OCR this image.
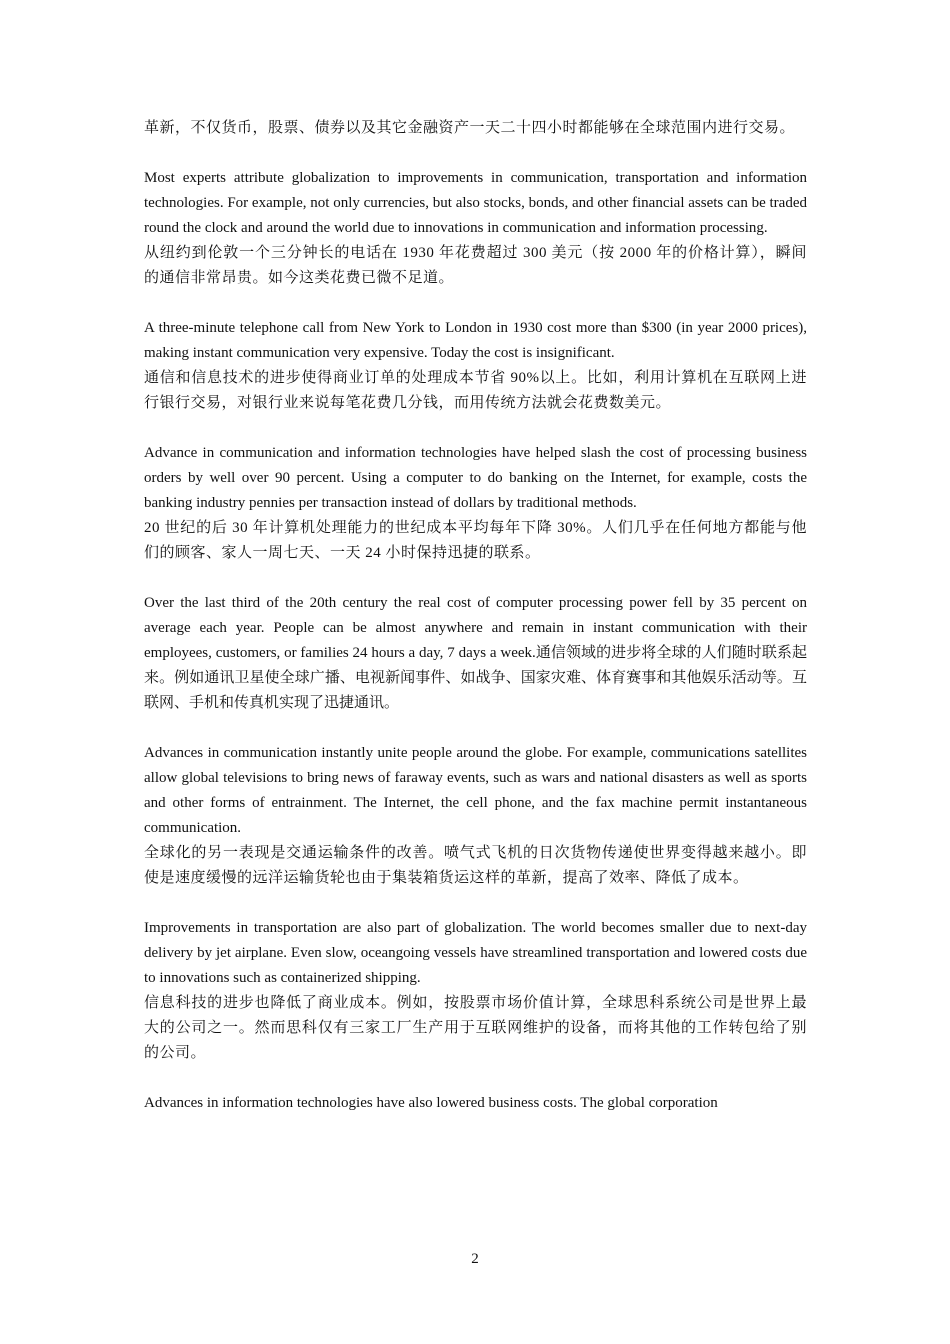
革新，不仅货币，股票、债券以及其它金融资产一天二十四小时都能够在全球范围内进行交易。

Most experts attribute globalization to improvements in communication, transportation and information technologies. For example, not only currencies, but also stocks, bonds, and other financial assets can be traded round the clock and around the world due to innovations in communication and information processing.

从纽约到伦敦一个三分钟长的电话在 1930 年花费超过 300 美元（按 2000 年的价格计算），瞬间的通信非常昂贵。如今这类花费已微不足道。

A three-minute telephone call from New York to London in 1930 cost more than $300 (in year 2000 prices), making instant communication very expensive. Today the cost is insignificant.

通信和信息技术的进步使得商业订单的处理成本节省 90%以上。比如，利用计算机在互联网上进行银行交易，对银行业来说每笔花费几分钱，而用传统方法就会花费数美元。

Advance in communication and information technologies have helped slash the cost of processing business orders by well over 90 percent. Using a computer to do banking on the Internet, for example, costs the banking industry pennies per transaction instead of dollars by traditional methods.

20 世纪的后 30 年计算机处理能力的世纪成本平均每年下降 30%。人们几乎在任何地方都能与他们的顾客、家人一周七天、一天 24 小时保持迅捷的联系。

Over the last third of the 20th century the real cost of computer processing power fell by 35 percent on average each year. People can be almost anywhere and remain in instant communication with their employees, customers, or families 24 hours a day, 7 days a week.通信领域的进步将全球的人们随时联系起来。例如通讯卫星使全球广播、电视新闻事件、如战争、国家灾难、体育赛事和其他娱乐活动等。互联网、手机和传真机实现了迅捷通讯。

Advances in communication instantly unite people around the globe. For example, communications satellites allow global televisions to bring news of faraway events, such as wars and national disasters as well as sports and other forms of entrainment. The Internet, the cell phone, and the fax machine permit instantaneous communication.

全球化的另一表现是交通运输条件的改善。喷气式飞机的日次货物传递使世界变得越来越小。即使是速度缓慢的远洋运输货轮也由于集装箱货运这样的革新，提高了效率、降低了成本。

Improvements in transportation are also part of globalization. The world becomes smaller due to next-day delivery by jet airplane. Even slow, oceangoing vessels have streamlined transportation and lowered costs due to innovations such as containerized shipping.

信息科技的进步也降低了商业成本。例如，按股票市场价值计算，全球思科系统公司是世界上最大的公司之一。然而思科仅有三家工厂生产用于互联网维护的设备，而将其他的工作转包给了别的公司。

Advances in information technologies have also lowered business costs. The global corporation

2
